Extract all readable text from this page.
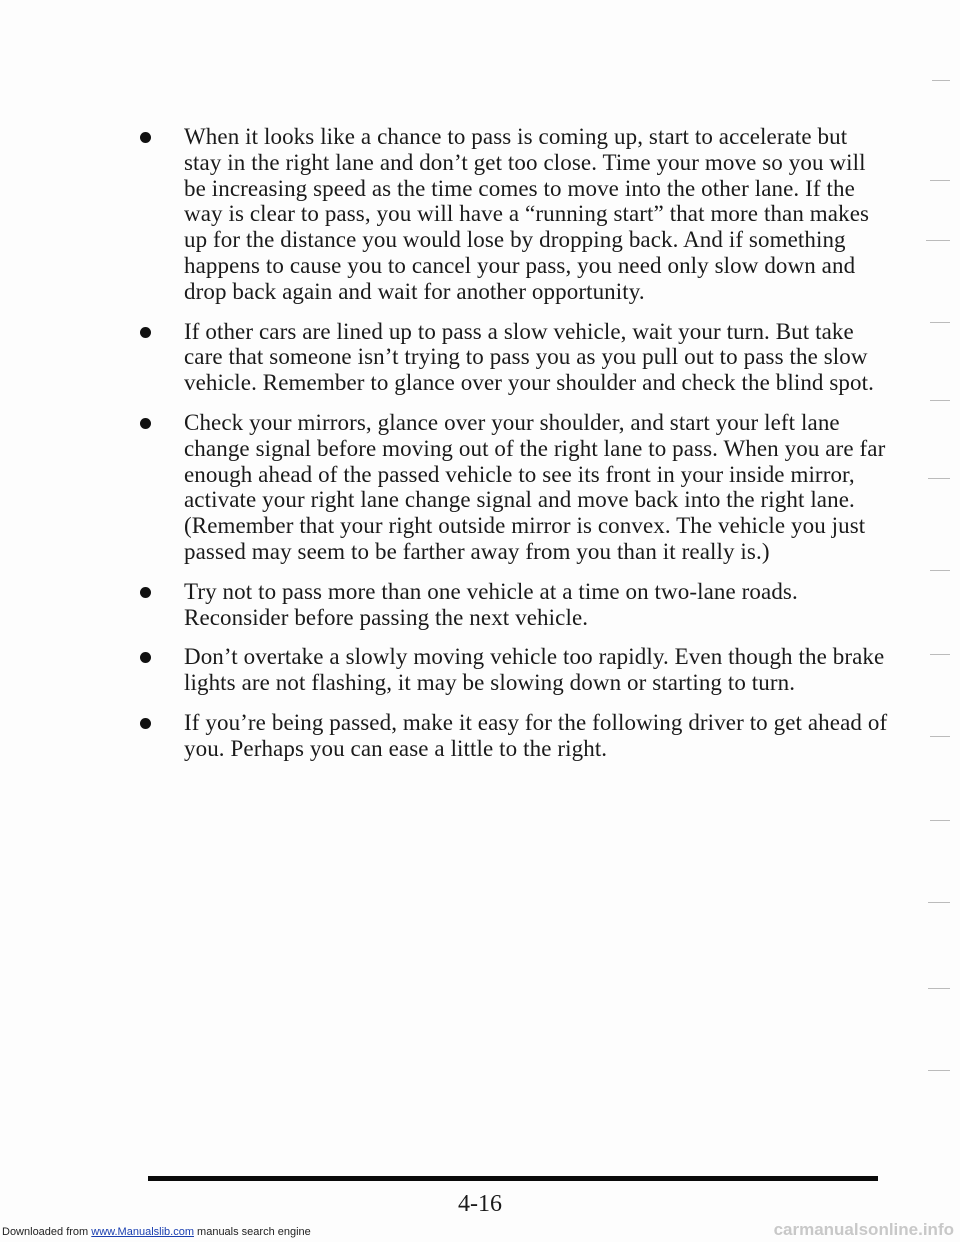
When it looks like a chance to pass is coming up, start to accelerate but stay in the right lane and don’t get too close. Time your move so you will be increasing speed as the time comes to move into the other lane. If the way is clear to pass, you will have a “running start” that more than makes up for the distance you would lose by dropping back. And if something happens to cause you to cancel your pass, you need only slow down and drop back again and wait for another opportunity.
If other cars are lined up to pass a slow vehicle, wait your turn. But take care that someone isn’t trying to pass you as you pull out to pass the slow vehicle. Remember to glance over your shoulder and check the blind spot.
Check your mirrors, glance over your shoulder, and start your left lane change signal before moving out of the right lane to pass. When you are far enough ahead of the passed vehicle to see its front in your inside mirror, activate your right lane change signal and move back into the right lane. (Remember that your right outside mirror is convex. The vehicle you just passed may seem to be farther away from you than it really is.)
Try not to pass more than one vehicle at a time on two-lane roads. Reconsider before passing the next vehicle.
Don’t overtake a slowly moving vehicle too rapidly. Even though the brake lights are not flashing, it may be slowing down or starting to turn.
If you’re being passed, make it easy for the following driver to get ahead of you. Perhaps you can ease a little to the right.
4-16
Downloaded from www.Manualslib.com manuals search engine	carmanualsonline.info
